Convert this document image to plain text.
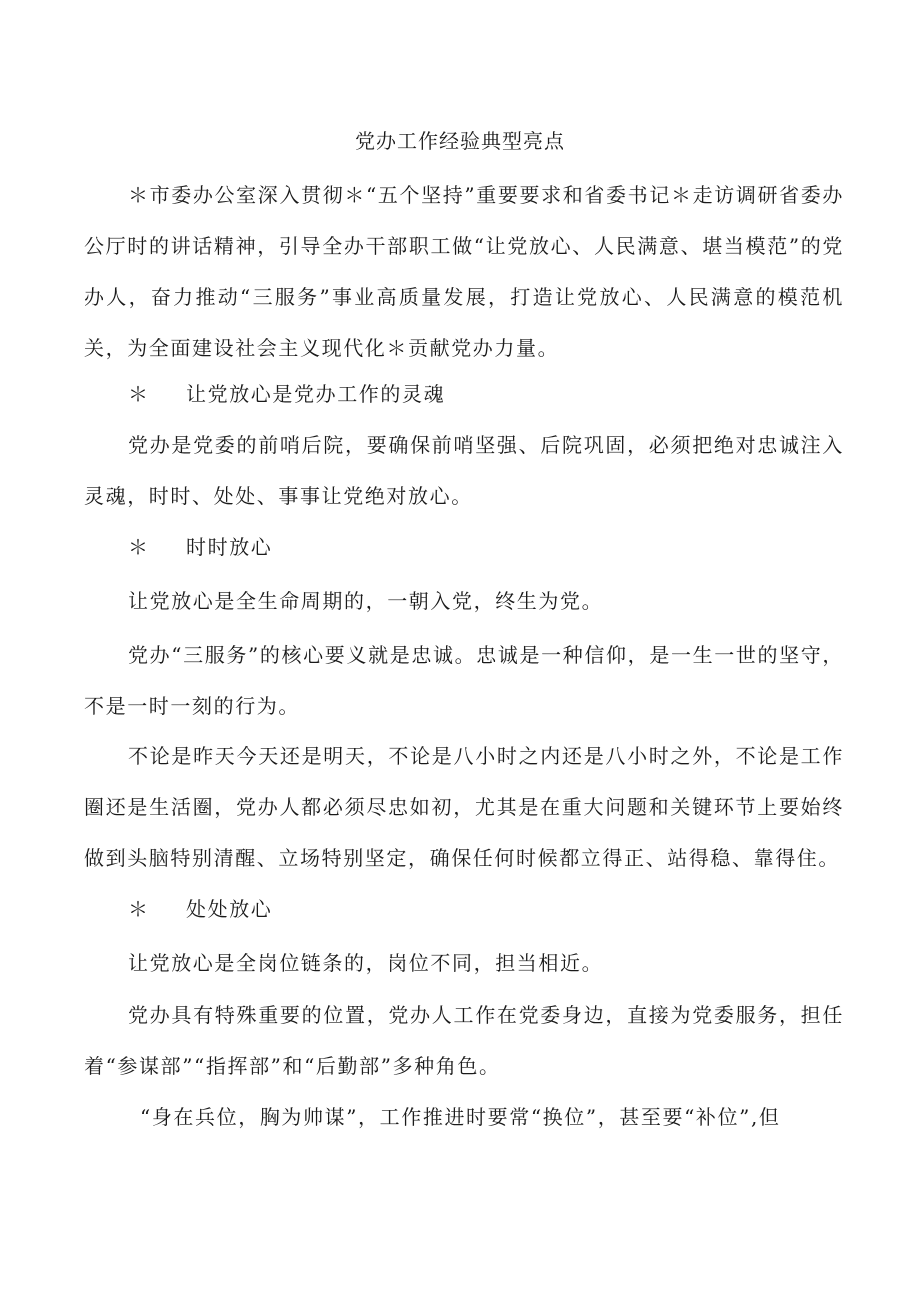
党办工作经验典型亮点
＊市委办公室深入贯彻＊“五个坚持”重要要求和省委书记＊走访调研省委办公厅时的讲话精神，引导全办干部职工做“让党放心、人民满意、堪当模范”的党办人，奋力推动“三服务”事业高质量发展，打造让党放心、人民满意的模范机关，为全面建设社会主义现代化＊贡献党办力量。
＊ 让党放心是党办工作的灵魂
党办是党委的前哨后院，要确保前哨坚强、后院巩固，必须把绝对忠诚注入灵魂，时时、处处、事事让党绝对放心。
＊ 时时放心
让党放心是全生命周期的，一朝入党，终生为党。
党办“三服务”的核心要义就是忠诚。忠诚是一种信仰，是一生一世的坚守，不是一时一刻的行为。
不论是昨天今天还是明天，不论是八小时之内还是八小时之外，不论是工作圈还是生活圈，党办人都必须尽忠如初，尤其是在重大问题和关键环节上要始终做到头脑特别清醒、立场特别坚定，确保任何时候都立得正、站得稳、靠得住。
＊ 处处放心
让党放心是全岗位链条的，岗位不同，担当相近。
党办具有特殊重要的位置，党办人工作在党委身边，直接为党委服务，担任着“参谋部”“指挥部”和“后勤部”多种角色。
“身在兵位，胸为帅谋”，工作推进时要常“换位”，甚至要“补位”,但
